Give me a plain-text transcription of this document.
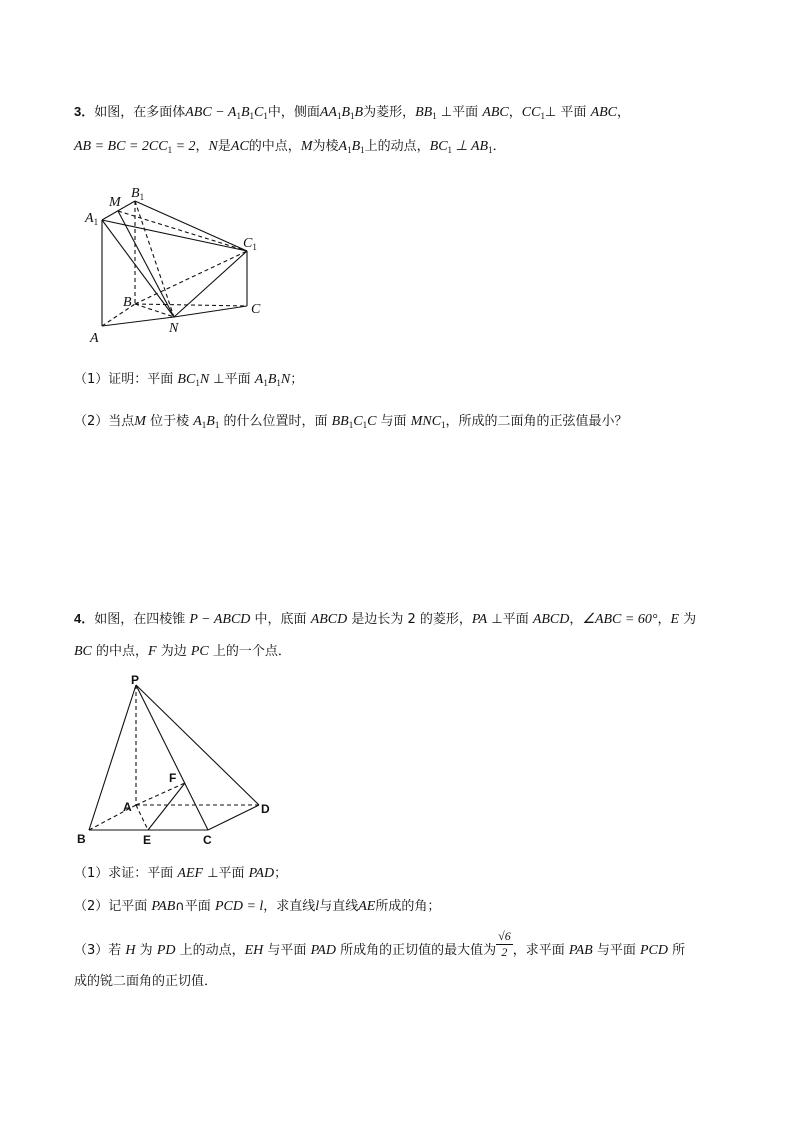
3．如图，在多面体ABC − $A_1B_1C_1$中，侧面$AA_1B_1B$为菱形，$BB_1$ ⊥平面 ABC，$CC_1\perp$ 平面 ABC，
AB = BC = $2CC_1 = 2$，N是AC的中点，M为棱$A_1B_1$上的动点，$BC_1$ ⊥ $AB_1$．
$A_1$
M
$B_1$
$C_1$
B	C
A
N
（1）证明：平面 $BC_1N$ ⊥平面 $A_1B_1N$；
（2）当点M 位于棱 $A_1B_1$ 的什么位置时，面 $BB_1C_1C$ 与面 $MNC_1$，所成的二面角的正弦值最小？
4．如图，在四棱锥 P − ABCD 中，底面 ABCD 是边长为 2 的菱形，PA ⊥平面 ABCD，∠ABC = 60°，E 为
BC 的中点，F 为边 PC 上的一个点．
P
F
A	D
B	E	C
（1）求证：平面 AEF ⊥平面 PAD；
（2）记平面 PAB∩平面 PCD = l，求直线l与直线AE所成的角；
（3）若 H 为 PD 上的动点，EH 与平面 PAD 所成角的正切值的最大值为 $\frac{√6}{2}$ ，求平面 PAB 与平面 PCD 所
成的锐二面角的正切值．
